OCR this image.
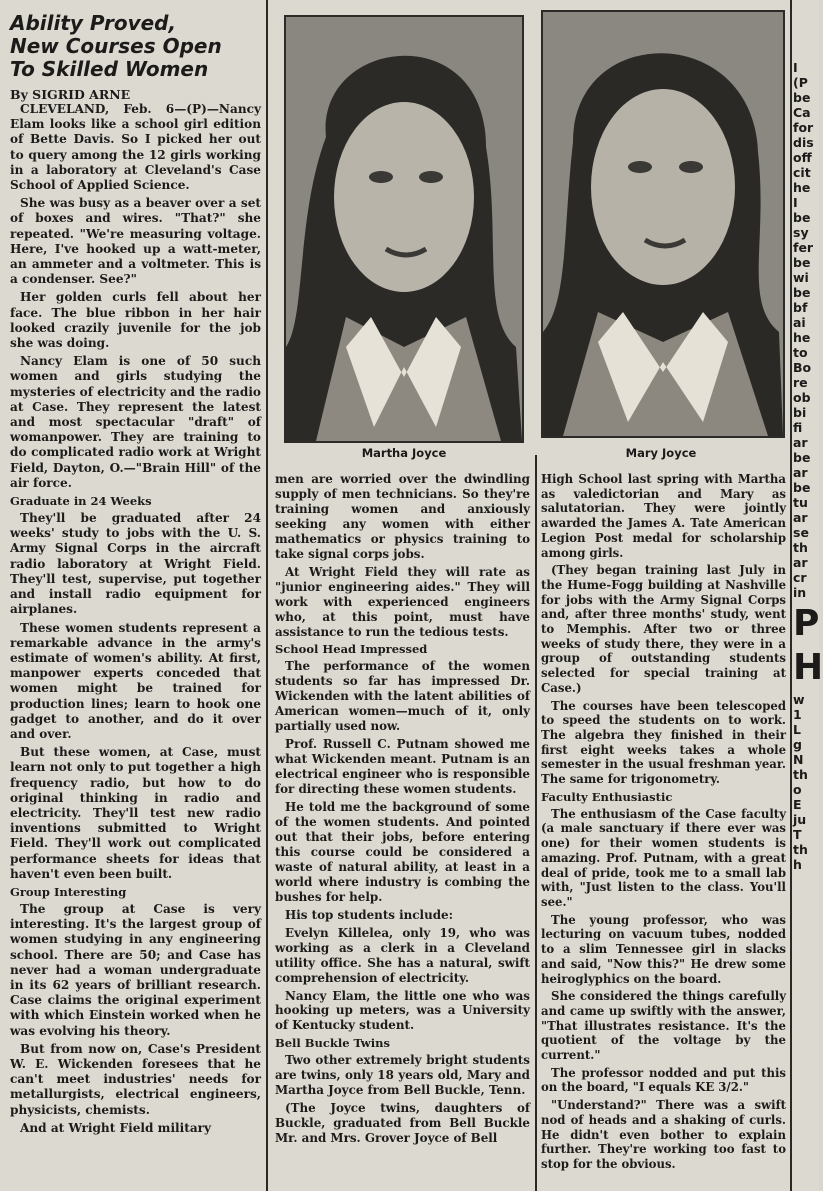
Ability Proved,
New Courses Open
To Skilled Women
By SIGRID ARNE

CLEVELAND, Feb. 6—(P)—Nancy Elam looks like a school girl edition of Bette Davis. So I picked her out to query among the 12 girls working in a laboratory at Cleveland's Case School of Applied Science.

She was busy as a beaver over a set of boxes and wires. "That?" she repeated. "We're measuring voltage. Here, I've hooked up a watt-meter, an ammeter and a voltmeter. This is a condenser. See?"

Her golden curls fell about her face. The blue ribbon in her hair looked crazily juvenile for the job she was doing.

Nancy Elam is one of 50 such women and girls studying the mysteries of electricity and the radio at Case. They represent the latest and most spectacular "draft" of womanpower. They are training to do complicated radio work at Wright Field, Dayton, O.—"Brain Hill" of the air force.

Graduate in 24 Weeks

They'll be graduated after 24 weeks' study to jobs with the U. S. Army Signal Corps in the aircraft radio laboratory at Wright Field. They'll test, supervise, put together and install radio equipment for airplanes.

These women students represent a remarkable advance in the army's estimate of women's ability. At first, manpower experts conceded that women might be trained for production lines; learn to hook one gadget to another, and do it over and over.

But these women, at Case, must learn not only to put together a high frequency radio, but how to do original thinking in radio and electricity. They'll test new radio inventions submitted to Wright Field. They'll work out complicated performance sheets for ideas that haven't even been built.

Group Interesting

The group at Case is very interesting. It's the largest group of women studying in any engineering school. There are 50; and Case has never had a woman undergraduate in its 62 years of brilliant research. Case claims the original experiment with which Einstein worked when he was evolving his theory.

But from now on, Case's President W. E. Wickenden foresees that he can't meet industries' needs for metallurgists, electrical engineers, physicists, chemists.

And at Wright Field military

Martha Joyce	Mary Joyce

men are worried over the dwindling supply of men technicians. So they're training women and anxiously seeking any women with either mathematics or physics training to take signal corps jobs.

At Wright Field they will rate as "junior engineering aides." They will work with experienced engineers who, at this point, must have assistance to run the tedious tests.

School Head Impressed

The performance of the women students so far has impressed Dr. Wickenden with the latent abilities of American women—much of it, only partially used now.

Prof. Russell C. Putnam showed me what Wickenden meant. Putnam is an electrical engineer who is responsible for directing these women students.

He told me the background of some of the women students. And pointed out that their jobs, before entering this course could be considered a waste of natural ability, at least in a world where industry is combing the bushes for help.

His top students include:

Evelyn Killelea, only 19, who was working as a clerk in a Cleveland utility office. She has a natural, swift comprehension of electricity.

Nancy Elam, the little one who was hooking up meters, was a University of Kentucky student.

Bell Buckle Twins

Two other extremely bright students are twins, only 18 years old, Mary and Martha Joyce from Bell Buckle, Tenn.

(The Joyce twins, daughters of Buckle, graduated from Bell Buckle Mr. and Mrs. Grover Joyce of Bell

High School last spring with Martha as valedictorian and Mary as salutatorian. They were jointly awarded the James A. Tate American Legion Post medal for scholarship among girls.

(They began training last July in the Hume-Fogg building at Nashville for jobs with the Army Signal Corps and, after three months' study, went to Memphis. After two or three weeks of study there, they were in a group of outstanding students selected for special training at Case.)

The courses have been telescoped to speed the students on to work. The algebra they finished in their first eight weeks takes a whole semester in the usual freshman year. The same for trigonometry.

Faculty Enthusiastic

The enthusiasm of the Case faculty (a male sanctuary if there ever was one) for their women students is amazing. Prof. Putnam, with a great deal of pride, took me to a small lab with, "Just listen to the class. You'll see."

The young professor, who was lecturing on vacuum tubes, nodded to a slim Tennessee girl in slacks and said, "Now this?" He drew some heiroglyphics on the board.

She considered the things carefully and came up swiftly with the answer, "That illustrates resistance. It's the quotient of the voltage by the current."

The professor nodded and put this on the board, "I equals KE 3/2."

"Understand?" There was a swift nod of heads and a shaking of curls. He didn't even bother to explain further. They're working too fast to stop for the obvious.

I
(P
be
Ca
for
dis
off
cit
he
I
be
sy
fer
be
wi
be
bf
ai
he
to
Bo
re
ob
bi
fi
ar
be
ar
be
tu
ar
se
th
ar
cr
in
P
H
w
1
L
g
N
th
o
E
ju
T
th
h
